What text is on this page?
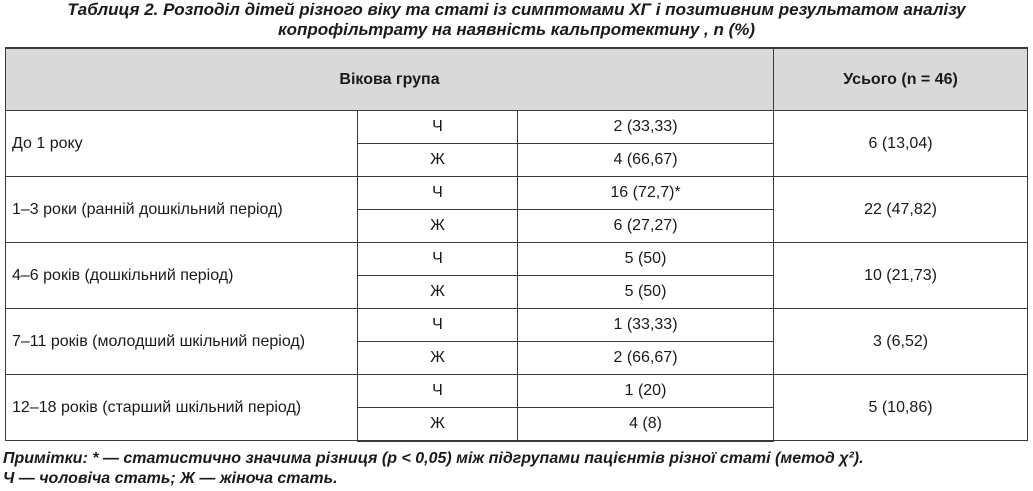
Таблиця 2. Розподіл дітей різного віку та статі із симптомами ХГ і позитивним результатом аналізу
копрофільтрату на наявність кальпротектину , n (%)
Вікова група			Усього (n = 46)
До 1 року	Ч	2 (33,33)	6 (13,04)
	Ж	4 (66,67)	
1–3 роки (ранній дошкільний період)	Ч	16 (72,7)*	22 (47,82)
	Ж	6 (27,27)	
4–6 років (дошкільний період)	Ч	5 (50)	10 (21,73)
	Ж	5 (50)	
7–11 років (молодший шкільний період)	Ч	1 (33,33)	3 (6,52)
	Ж	2 (66,67)	
12–18 років (старший шкільний період)	Ч	1 (20)	5 (10,86)
	Ж	4 (8)	
Примітки: * — статистично значима різниця (р < 0,05) між підгрупами пацієнтів різної статі (метод χ²).
Ч — чоловіча стать; Ж — жіноча стать.
